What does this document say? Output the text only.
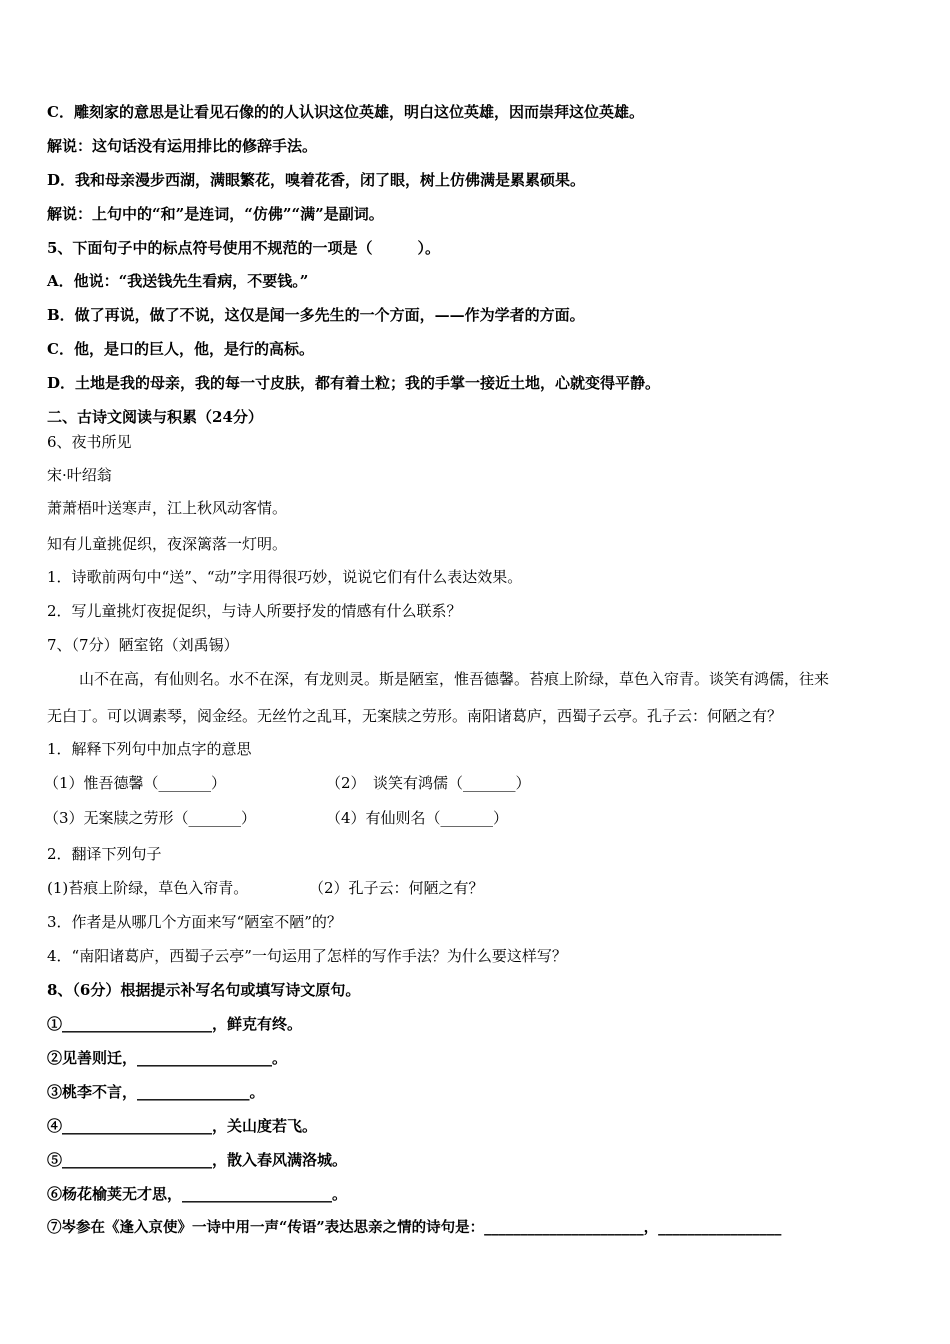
C．雕刻家的意思是让看见石像的的人认识这位英雄，明白这位英雄，因而崇拜这位英雄。
解说：这句话没有运用排比的修辞手法。
D．我和母亲漫步西湖，满眼繁花，嗅着花香，闭了眼，树上仿佛满是累累硕果。
解说：上句中的“和”是连词，“仿佛”“满”是副词。
5、下面句子中的标点符号使用不规范的一项是（　　　）。
A．他说：“我送钱先生看病，不要钱。”
B．做了再说，做了不说，这仅是闻一多先生的一个方面，——作为学者的方面。
C．他，是口的巨人，他，是行的高标。
D．土地是我的母亲，我的每一寸皮肤，都有着土粒；我的手掌一接近土地，心就变得平静。
二、古诗文阅读与积累（24分）
6、夜书所见
宋·叶绍翁
萧萧梧叶送寒声，江上秋风动客情。
知有儿童挑促织，夜深篱落一灯明。
1．诗歌前两句中“送”、“动”字用得很巧妙，说说它们有什么表达效果。
2．写儿童挑灯夜捉促织，与诗人所要抒发的情感有什么联系？
7、（7分）陋室铭（刘禹锡）
山不在高，有仙则名。水不在深，有龙则灵。斯是陋室，惟吾德馨。苔痕上阶绿，草色入帘青。谈笑有鸿儒，往来
无白丁。可以调素琴，阅金经。无丝竹之乱耳，无案牍之劳形。南阳诸葛庐，西蜀子云亭。孔子云：何陋之有？
1．解释下列句中加点字的意思
（1）惟吾德馨（_______）	（2）　谈笑有鸿儒（_______）
（3）无案牍之劳形（_______）	（4）有仙则名（_______）
2．翻译下列句子
(1)苔痕上阶绿，草色入帘青。	（2）孔子云：何陋之有？
3．作者是从哪几个方面来写“陋室不陋”的？
4．“南阳诸葛庐，西蜀子云亭”一句运用了怎样的写作手法？为什么要这样写？
8、（6分）根据提示补写名句或填写诗文原句。
①____________________，鲜克有终。
②见善则迁，__________________。
③桃李不言，_______________。
④____________________，关山度若飞。
⑤____________________，散入春风满洛城。
⑥杨花榆荚无才思，____________________。
⑦岑参在《逢入京使》一诗中用一声“传语”表达思亲之情的诗句是：______________________，_________________
